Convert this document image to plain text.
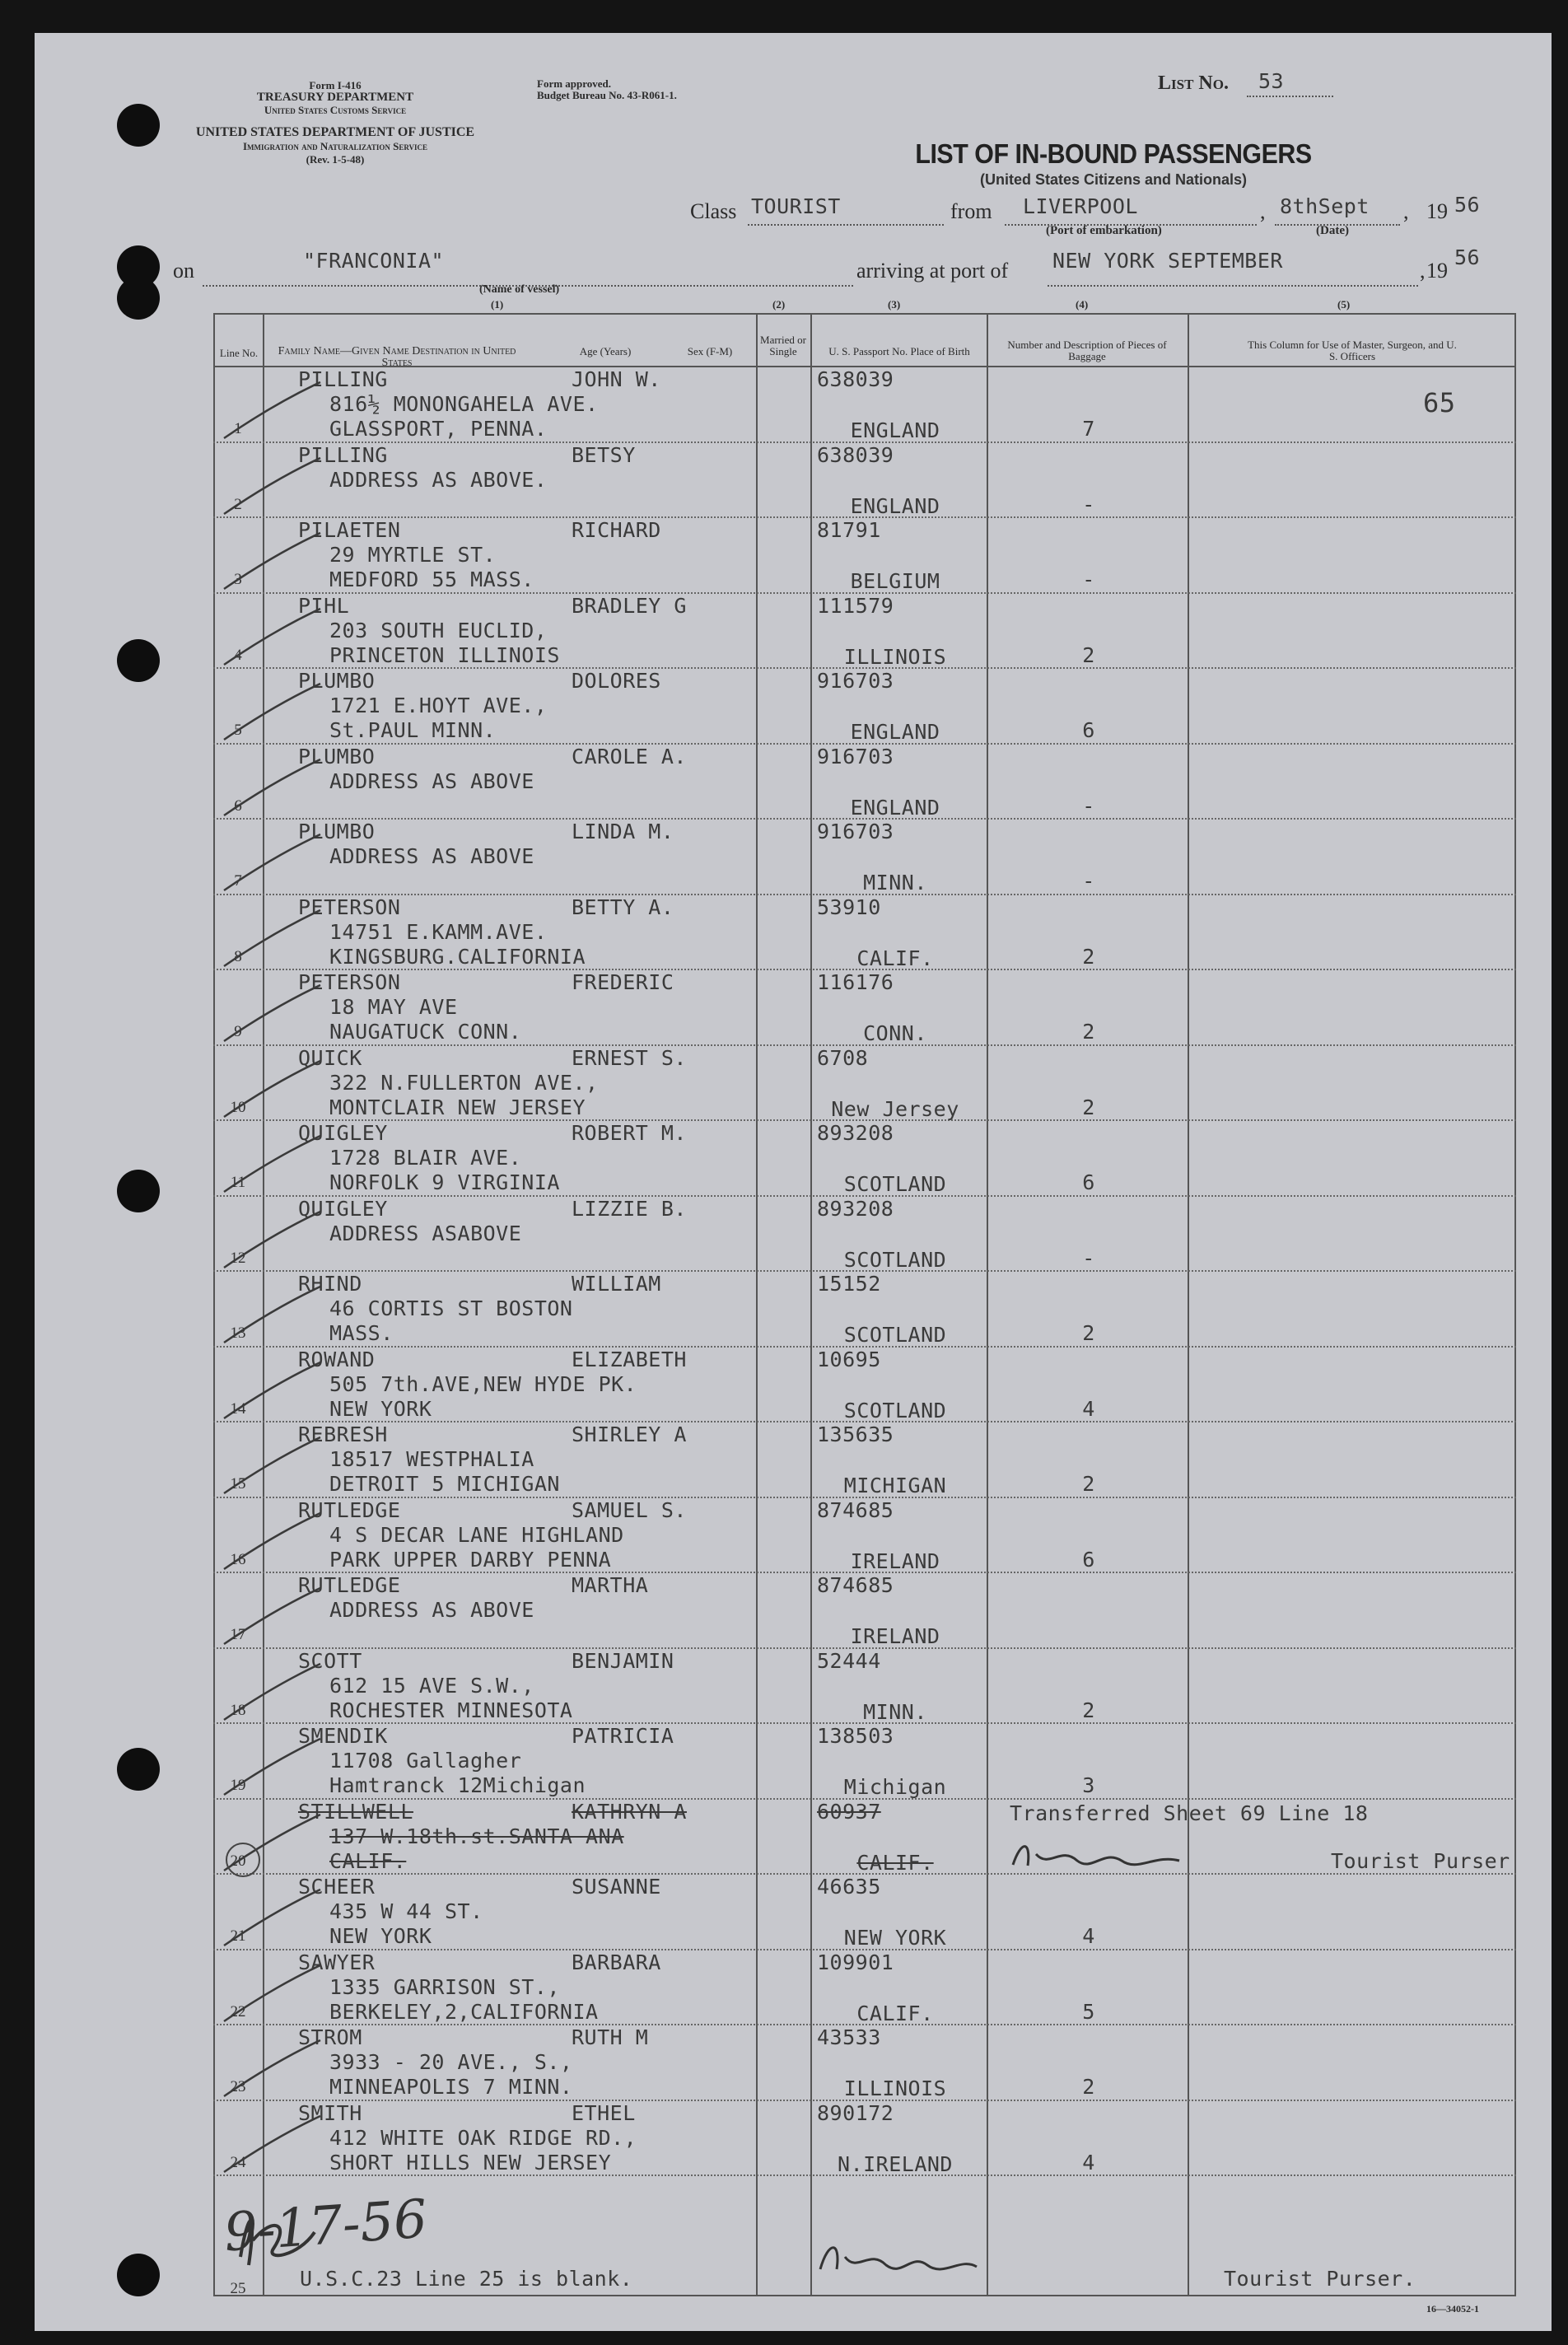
Form I-416
TREASURY DEPARTMENT
United States Customs Service
UNITED STATES DEPARTMENT OF JUSTICE
Immigration and Naturalization Service
(Rev. 1-5-48)
Form approved.
Budget Bureau No. 43-R061-1.
List No. 53
LIST OF IN-BOUND PASSENGERS
(United States Citizens and Nationals)
Class TOURIST	from LIVERPOOL	, 8thSept , 19 56
(Port of embarkation)	(Date)
on	"FRANCONIA"	arriving at port of NEW YORK SEPTEMBER	, 19
56
(Name of vessel)
(1)	(2)	(3)	(4)	(5)
Line No.	Family Name—Given Name Destination in United States
Age (Years)	Sex (F-M)
Married or Single	U. S. Passport No. Place of Birth
Number and Description of Pieces of Baggage
This Column for Use of Master, Surgeon, and U. S. Officers
1
PILLING	JOHN W.
816½ MONONGAHELA AVE.
GLASSPORT, PENNA.
638039
ENGLAND	7
65
2
PILLING	BETSY
ADDRESS AS ABOVE.
638039
ENGLAND	-
3
PILAETEN	RICHARD
29 MYRTLE ST.
MEDFORD 55 MASS.
81791
BELGIUM	-
4
PIHL	BRADLEY G
203 SOUTH EUCLID,
PRINCETON ILLINOIS
111579
ILLINOIS	2
5
PLUMBO	DOLORES
1721 E.HOYT AVE.,
St.PAUL MINN.
916703
ENGLAND	6
6
PLUMBO	CAROLE A.
ADDRESS AS ABOVE
916703
ENGLAND	-
7
PLUMBO	LINDA M.
ADDRESS AS ABOVE
916703
MINN.	-
8
PETERSON	BETTY A.
14751 E.KAMM.AVE.
KINGSBURG.CALIFORNIA
53910
CALIF.	2
9
PETERSON	FREDERIC
18 MAY AVE
NAUGATUCK CONN.
116176
CONN.	2
10
QUICK	ERNEST S.
322 N.FULLERTON AVE.,
MONTCLAIR NEW JERSEY
6708
New Jersey	2
11
QUIGLEY	ROBERT M.
1728 BLAIR AVE.
NORFOLK 9 VIRGINIA
893208
SCOTLAND	6
12
QUIGLEY	LIZZIE B.
ADDRESS ASABOVE
893208
SCOTLAND	-
13
RHIND	WILLIAM
46 CORTIS ST BOSTON
MASS.
15152
SCOTLAND	2
14
ROWAND	ELIZABETH
505 7th.AVE,NEW HYDE PK.
NEW YORK
10695
SCOTLAND	4
15
REBRESH	SHIRLEY A
18517 WESTPHALIA
DETROIT 5 MICHIGAN
135635
MICHIGAN	2
16
RUTLEDGE	SAMUEL S.
4 S DECAR LANE HIGHLAND
PARK UPPER DARBY PENNA
874685
IRELAND	6
17
RUTLEDGE	MARTHA
ADDRESS AS ABOVE
874685
IRELAND
18
SCOTT	BENJAMIN
612 15 AVE S.W.,
ROCHESTER MINNESOTA
52444
MINN.	2
19
SMENDIK	PATRICIA
11708 Gallagher
Hamtranck 12Michigan
138503
Michigan	3
20
STILLWELL	KATHRYN A
137 W.18th.st.SANTA ANA
CALIF.
60937
CALIF.
Transferred Sheet 69 Line 18
Tourist Purser
21
SCHEER	SUSANNE
435 W 44 ST.
NEW YORK
46635
NEW YORK	4
22
SAWYER	BARBARA
1335 GARRISON ST.,
BERKELEY,2,CALIFORNIA
109901
CALIF.	5
23
STROM	RUTH M
3933 - 20 AVE., S.,
MINNEAPOLIS 7 MINN.
43533
ILLINOIS	2
24
SMITH	ETHEL
412 WHITE OAK RIDGE RD.,
SHORT HILLS NEW JERSEY
890172
N.IRELAND	4
25	U.S.C.23 Line 25 is blank.	Tourist Purser.
9-17-56
16—34052-1
